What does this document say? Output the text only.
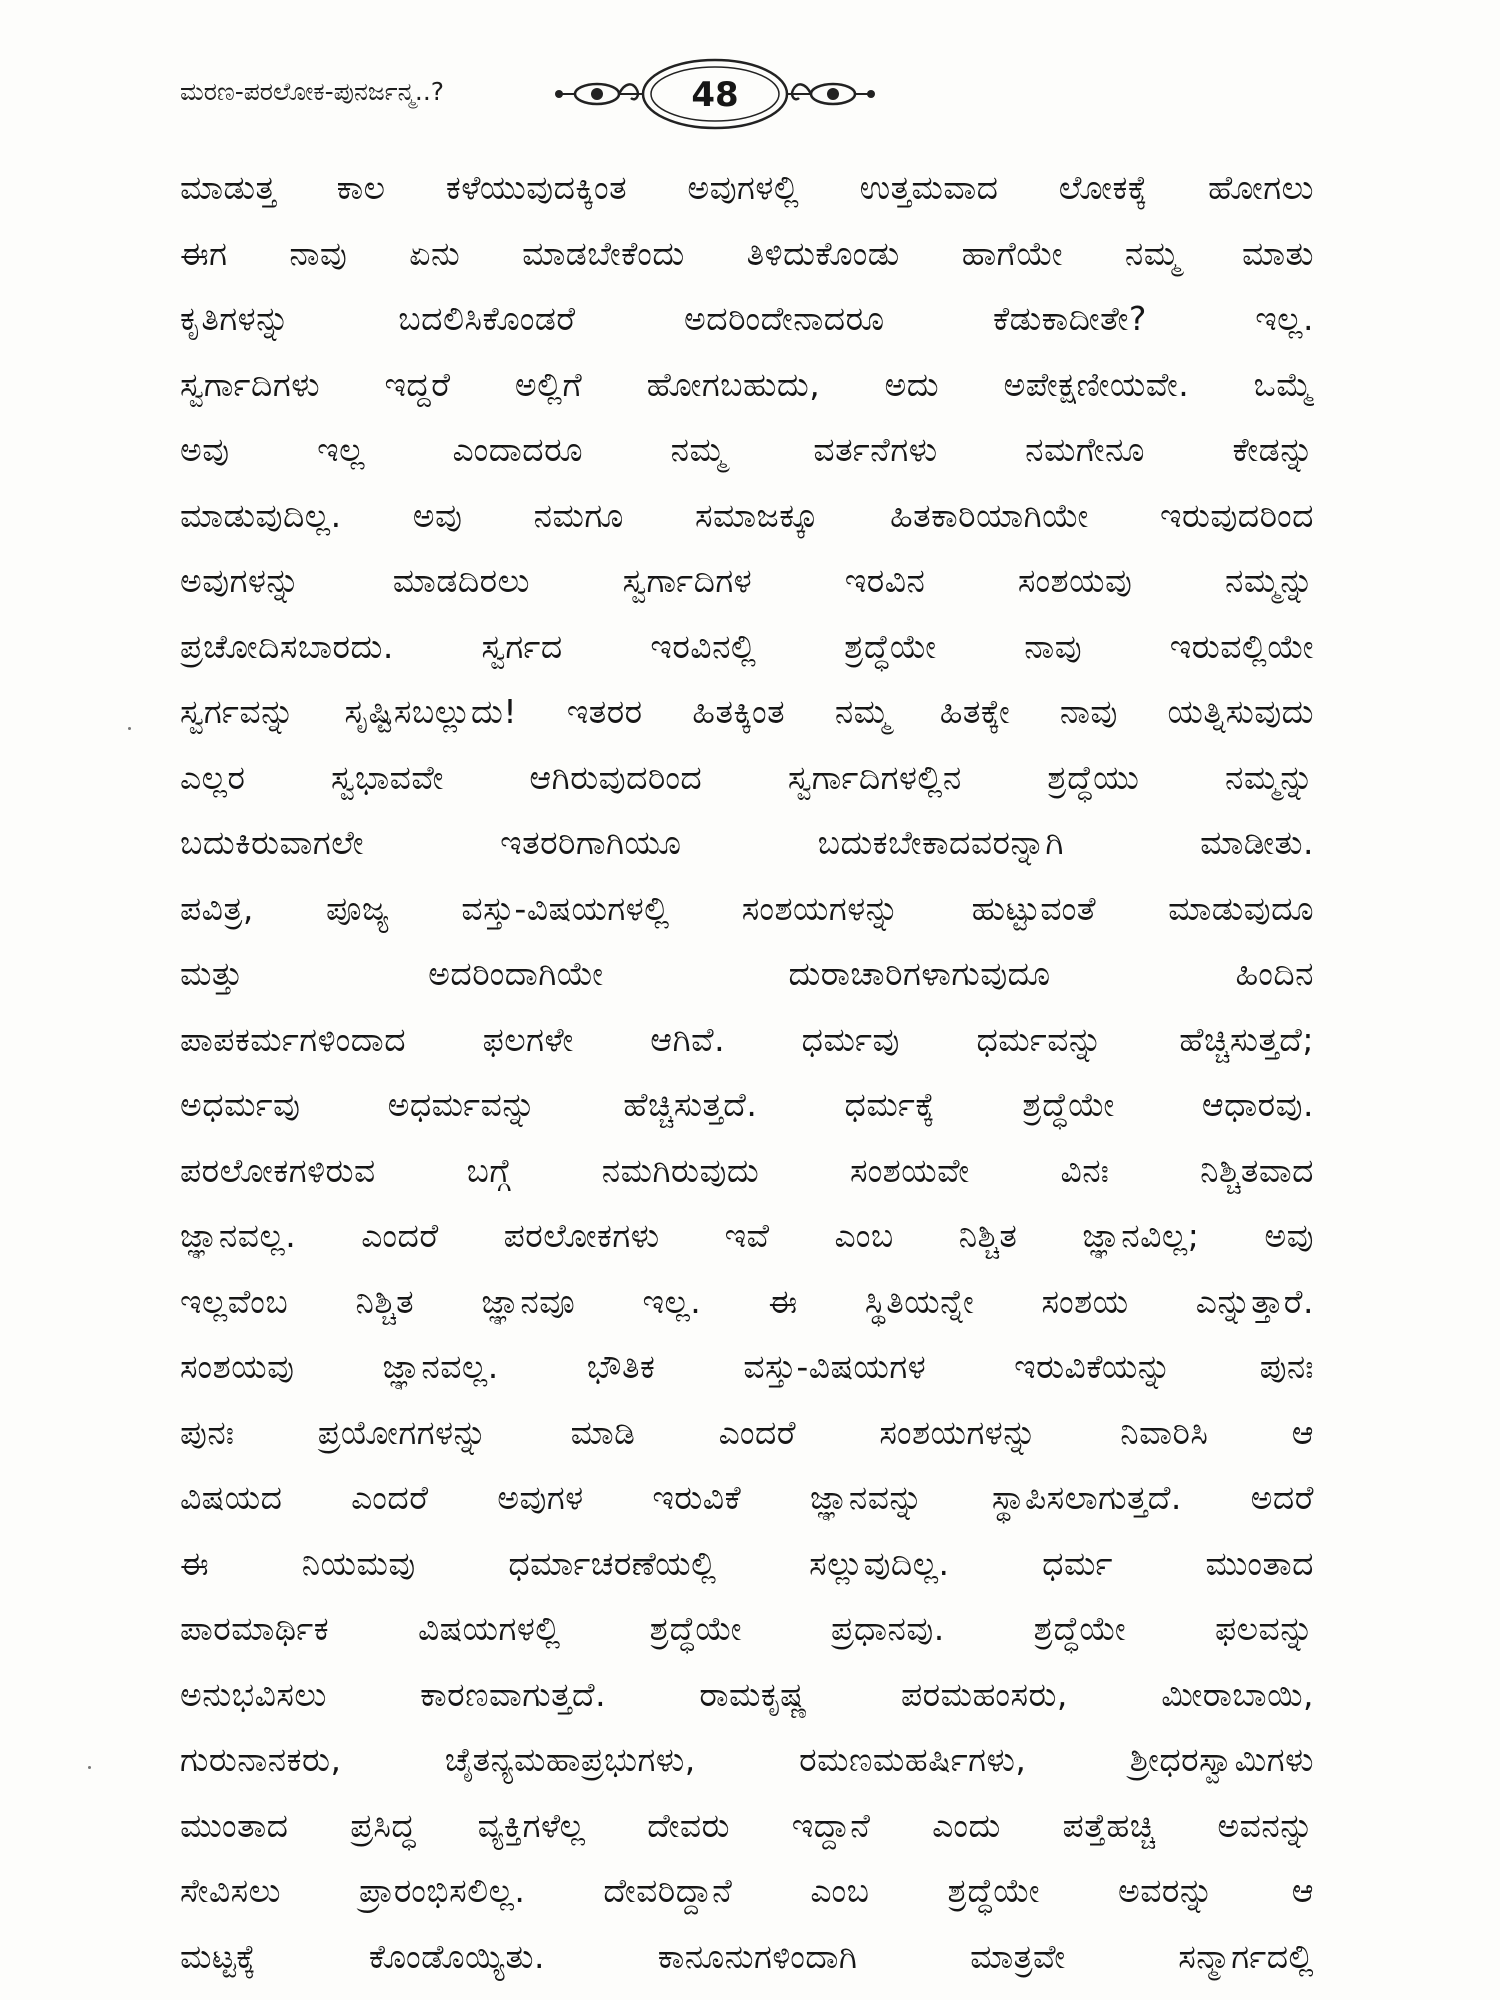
ಮರಣ-ಪರಲೋಕ-ಪುನರ್ಜನ್ಮ..?	48
ಮಾಡುತ್ತ ಕಾಲ ಕಳೆಯುವುದಕ್ಕಿಂತ ಅವುಗಳಲ್ಲಿ ಉತ್ತಮವಾದ ಲೋಕಕ್ಕೆ ಹೋಗಲು
ಈಗ ನಾವು ಏನು ಮಾಡಬೇಕೆಂದು ತಿಳಿದುಕೊಂಡು ಹಾಗೆಯೇ ನಮ್ಮ ಮಾತು
ಕೃತಿಗಳನ್ನು ಬದಲಿಸಿಕೊಂಡರೆ ಅದರಿಂದೇನಾದರೂ ಕೆಡುಕಾದೀತೇ? ಇಲ್ಲ.
ಸ್ವರ್ಗಾದಿಗಳು ಇದ್ದರೆ ಅಲ್ಲಿಗೆ ಹೋಗಬಹುದು, ಅದು ಅಪೇಕ್ಷಣೀಯವೇ. ಒಮ್ಮೆ
ಅವು ಇಲ್ಲ ಎಂದಾದರೂ ನಮ್ಮ ವರ್ತನೆಗಳು ನಮಗೇನೂ ಕೇಡನ್ನು
ಮಾಡುವುದಿಲ್ಲ. ಅವು ನಮಗೂ ಸಮಾಜಕ್ಕೂ ಹಿತಕಾರಿಯಾಗಿಯೇ ಇರುವುದರಿಂದ
ಅವುಗಳನ್ನು ಮಾಡದಿರಲು ಸ್ವರ್ಗಾದಿಗಳ ಇರವಿನ ಸಂಶಯವು ನಮ್ಮನ್ನು
ಪ್ರಚೋದಿಸಬಾರದು. ಸ್ವರ್ಗದ ಇರವಿನಲ್ಲಿ ಶ್ರದ್ಧೆಯೇ ನಾವು ಇರುವಲ್ಲಿಯೇ
ಸ್ವರ್ಗವನ್ನು ಸೃಷ್ಟಿಸಬಲ್ಲುದು! ಇತರರ ಹಿತಕ್ಕಿಂತ ನಮ್ಮ ಹಿತಕ್ಕೇ ನಾವು ಯತ್ನಿಸುವುದು
ಎಲ್ಲರ ಸ್ವಭಾವವೇ ಆಗಿರುವುದರಿಂದ ಸ್ವರ್ಗಾದಿಗಳಲ್ಲಿನ ಶ್ರದ್ಧೆಯು ನಮ್ಮನ್ನು
ಬದುಕಿರುವಾಗಲೇ ಇತರರಿಗಾಗಿಯೂ ಬದುಕಬೇಕಾದವರನ್ನಾಗಿ ಮಾಡೀತು.
ಪವಿತ್ರ, ಪೂಜ್ಯ ವಸ್ತು-ವಿಷಯಗಳಲ್ಲಿ ಸಂಶಯಗಳನ್ನು ಹುಟ್ಟುವಂತೆ ಮಾಡುವುದೂ
ಮತ್ತು ಅದರಿಂದಾಗಿಯೇ ದುರಾಚಾರಿಗಳಾಗುವುದೂ ಹಿಂದಿನ
ಪಾಪಕರ್ಮಗಳಿಂದಾದ ಫಲಗಳೇ ಆಗಿವೆ. ಧರ್ಮವು ಧರ್ಮವನ್ನು ಹೆಚ್ಚಿಸುತ್ತದೆ;
ಅಧರ್ಮವು ಅಧರ್ಮವನ್ನು ಹೆಚ್ಚಿಸುತ್ತದೆ. ಧರ್ಮಕ್ಕೆ ಶ್ರದ್ಧೆಯೇ ಆಧಾರವು.
ಪರಲೋಕಗಳಿರುವ ಬಗ್ಗೆ ನಮಗಿರುವುದು ಸಂಶಯವೇ ವಿನಃ ನಿಶ್ಚಿತವಾದ
ಜ್ಞಾನವಲ್ಲ. ಎಂದರೆ ಪರಲೋಕಗಳು ಇವೆ ಎಂಬ ನಿಶ್ಚಿತ ಜ್ಞಾನವಿಲ್ಲ; ಅವು
ಇಲ್ಲವೆಂಬ ನಿಶ್ಚಿತ ಜ್ಞಾನವೂ ಇಲ್ಲ. ಈ ಸ್ಥಿತಿಯನ್ನೇ ಸಂಶಯ ಎನ್ನುತ್ತಾರೆ.
ಸಂಶಯವು ಜ್ಞಾನವಲ್ಲ. ಭೌತಿಕ ವಸ್ತು-ವಿಷಯಗಳ ಇರುವಿಕೆಯನ್ನು ಪುನಃ
ಪುನಃ ಪ್ರಯೋಗಗಳನ್ನು ಮಾಡಿ ಎಂದರೆ ಸಂಶಯಗಳನ್ನು ನಿವಾರಿಸಿ ಆ
ವಿಷಯದ ಎಂದರೆ ಅವುಗಳ ಇರುವಿಕೆ ಜ್ಞಾನವನ್ನು ಸ್ಥಾಪಿಸಲಾಗುತ್ತದೆ. ಅದರೆ
ಈ ನಿಯಮವು ಧರ್ಮಾಚರಣೆಯಲ್ಲಿ ಸಲ್ಲುವುದಿಲ್ಲ. ಧರ್ಮ ಮುಂತಾದ
ಪಾರಮಾರ್ಥಿಕ ವಿಷಯಗಳಲ್ಲಿ ಶ್ರದ್ಧೆಯೇ ಪ್ರಧಾನವು. ಶ್ರದ್ಧೆಯೇ ಫಲವನ್ನು
ಅನುಭವಿಸಲು ಕಾರಣವಾಗುತ್ತದೆ. ರಾಮಕೃಷ್ಣ ಪರಮಹಂಸರು, ಮೀರಾಬಾಯಿ,
ಗುರುನಾನಕರು, ಚೈತನ್ಯಮಹಾಪ್ರಭುಗಳು, ರಮಣಮಹರ್ಷಿಗಳು, ಶ್ರೀಧರಸ್ವಾಮಿಗಳು
ಮುಂತಾದ ಪ್ರಸಿದ್ಧ ವ್ಯಕ್ತಿಗಳೆಲ್ಲ ದೇವರು ಇದ್ದಾನೆ ಎಂದು ಪತ್ತೆಹಚ್ಚಿ ಅವನನ್ನು
ಸೇವಿಸಲು ಪ್ರಾರಂಭಿಸಲಿಲ್ಲ. ದೇವರಿದ್ದಾನೆ ಎಂಬ ಶ್ರದ್ಧೆಯೇ ಅವರನ್ನು ಆ
ಮಟ್ಟಕ್ಕೆ ಕೊಂಡೊಯ್ಯಿತು. ಕಾನೂನುಗಳಿಂದಾಗಿ ಮಾತ್ರವೇ ಸನ್ಮಾರ್ಗದಲ್ಲಿ
